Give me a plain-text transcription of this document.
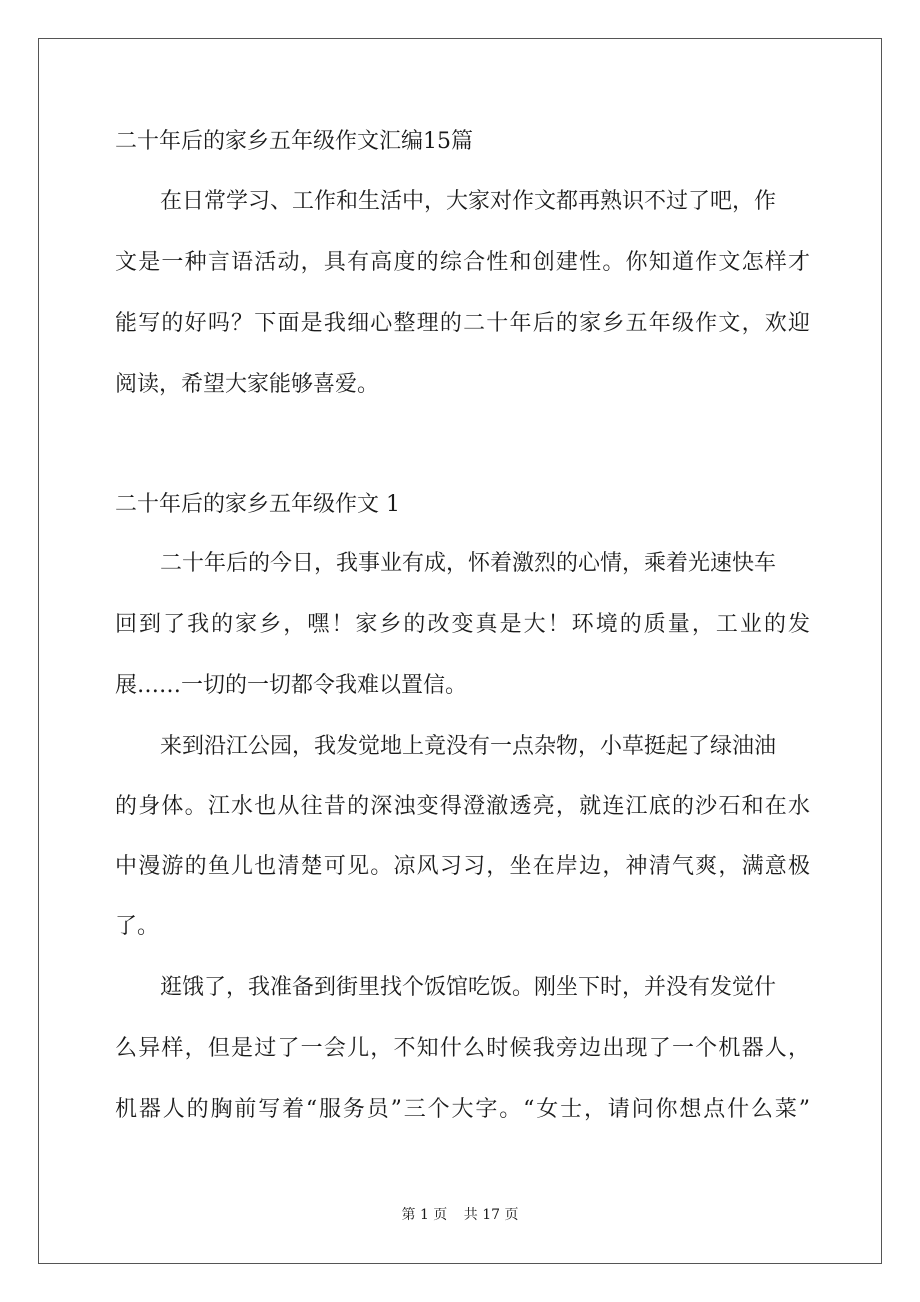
二十年后的家乡五年级作文汇编15篇
在日常学习、工作和生活中，大家对作文都再熟识不过了吧，作
文是一种言语活动，具有高度的综合性和创建性。你知道作文怎样才
能写的好吗？下面是我细心整理的二十年后的家乡五年级作文，欢迎
阅读，希望大家能够喜爱。
二十年后的家乡五年级作文 1
二十年后的今日，我事业有成，怀着激烈的心情，乘着光速快车
回到了我的家乡，嘿！家乡的改变真是大！环境的质量，工业的发
展……一切的一切都令我难以置信。
来到沿江公园，我发觉地上竟没有一点杂物，小草挺起了绿油油
的身体。江水也从往昔的深浊变得澄澈透亮，就连江底的沙石和在水
中漫游的鱼儿也清楚可见。凉风习习，坐在岸边，神清气爽，满意极
了。
逛饿了，我准备到街里找个饭馆吃饭。刚坐下时，并没有发觉什
么异样，但是过了一会儿，不知什么时候我旁边出现了一个机器人，
机器人的胸前写着“服务员”三个大字。“女士，请问你想点什么菜”
第 1 页 共 17 页
